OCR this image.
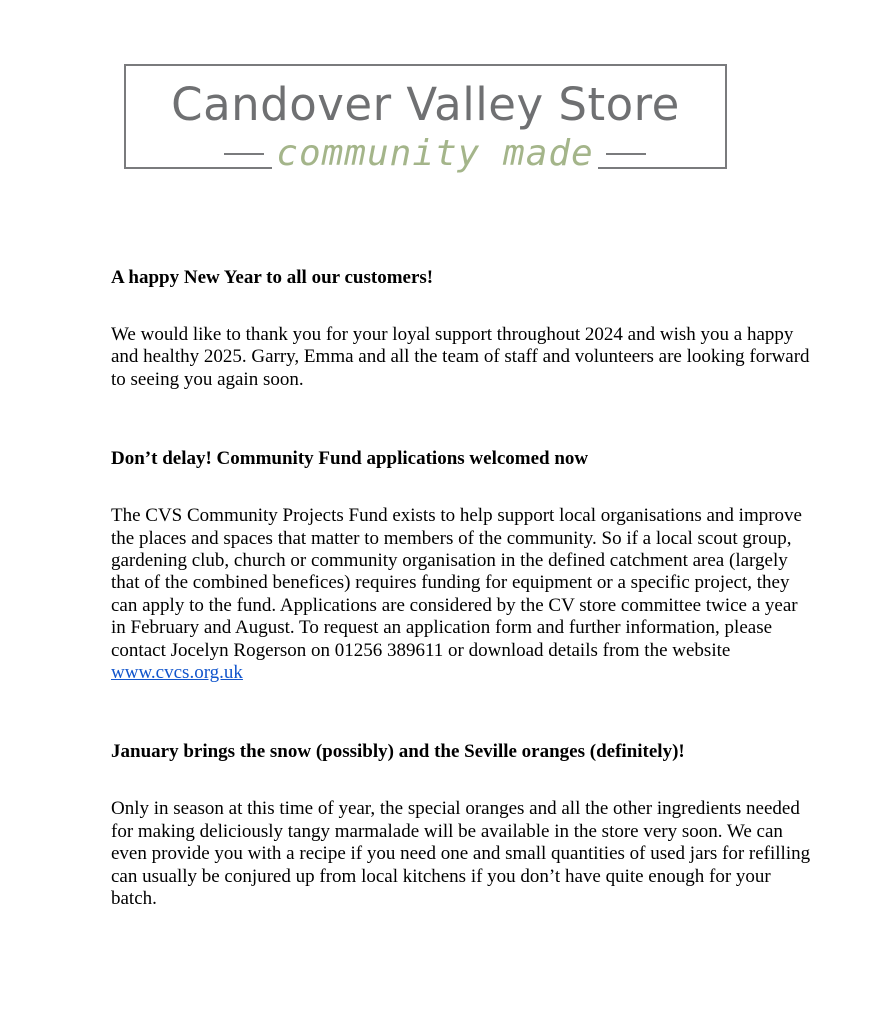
Candover Valley Store
community made
A happy New Year to all our customers!

We would like to thank you for your loyal support throughout 2024 and wish you a happy and healthy 2025. Garry, Emma and all the team of staff and volunteers are looking forward to seeing you again soon.

Don’t delay! Community Fund applications welcomed now

The CVS Community Projects Fund exists to help support local organisations and improve the places and spaces that matter to members of the community. So if a local scout group, gardening club, church or community organisation in the defined catchment area (largely that of the combined benefices) requires funding for equipment or a specific project, they can apply to the fund. Applications are considered by the CV store committee twice a year in February and August. To request an application form and further information, please contact Jocelyn Rogerson on 01256 389611 or download details from the website www.cvcs.org.uk

January brings the snow (possibly) and the Seville oranges (definitely)!

Only in season at this time of year, the special oranges and all the other ingredients needed for making deliciously tangy marmalade will be available in the store very soon. We can even provide you with a recipe if you need one and small quantities of used jars for refilling can usually be conjured up from local kitchens if you don’t have quite enough for your batch.
